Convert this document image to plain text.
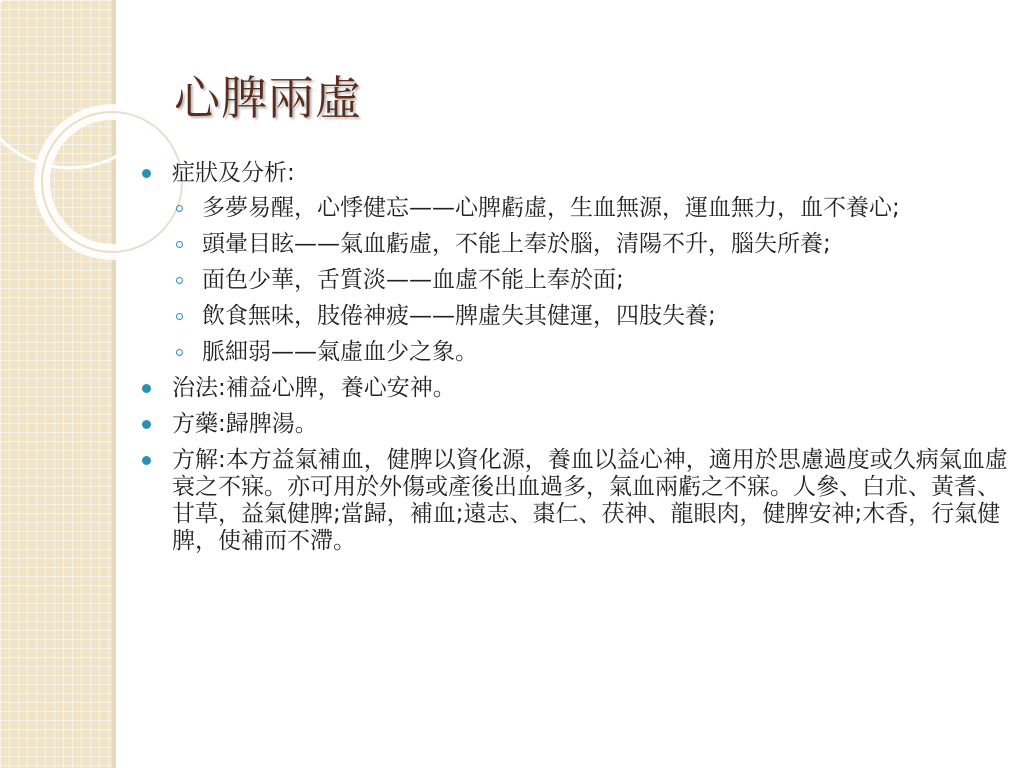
心脾兩虛
症狀及分析:
多夢易醒，心悸健忘——心脾虧虛，生血無源，運血無力，血不養心;
頭暈目眩——氣血虧虛，不能上奉於腦，清陽不升，腦失所養;
面色少華，舌質淡——血虛不能上奉於面;
飲食無味，肢倦神疲——脾虛失其健運，四肢失養;
脈細弱——氣虛血少之象。
治法:補益心脾，養心安神。
方藥:歸脾湯。
方解:本方益氣補血，健脾以資化源，養血以益心神，適用於思慮過度或久病氣血虛衰之不寐。亦可用於外傷或產後出血過多，氣血兩虧之不寐。人參、白朮、黃耆、甘草，益氣健脾;當歸，補血;遠志、棗仁、茯神、龍眼肉，健脾安神;木香，行氣健脾，使補而不滯。
